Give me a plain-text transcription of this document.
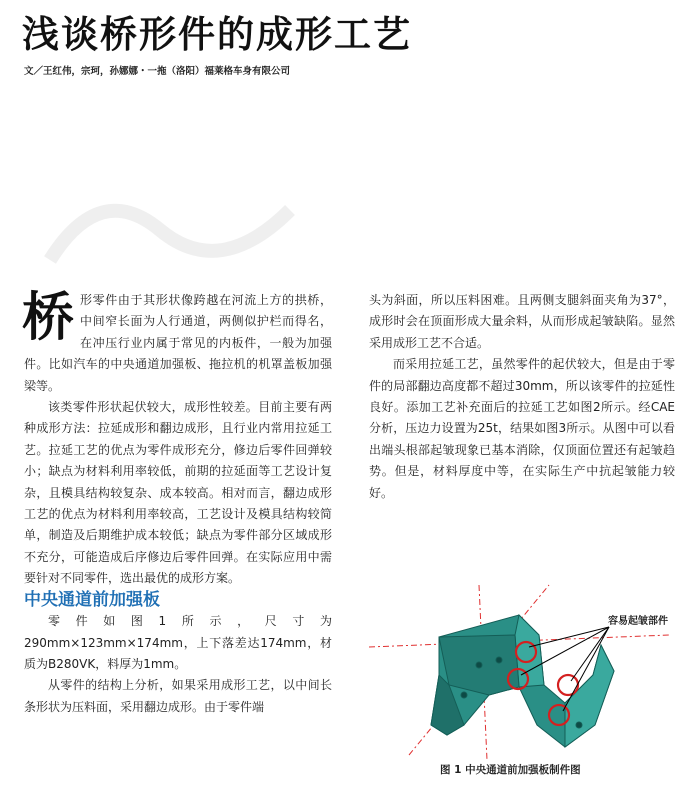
浅谈桥形件的成形工艺
文／王红伟，宗珂，孙娜娜・一拖（洛阳）福莱格车身有限公司

桥形零件由于其形状像跨越在河流上方的拱桥，中间窄长面为人行通道，两侧似护栏而得名，在冲压行业内属于常见的内板件，一般为加强件。比如汽车的中央通道加强板、拖拉机的机罩盖板加强梁等。

该类零件形状起伏较大，成形性较差。目前主要有两种成形方法：拉延成形和翻边成形，且行业内常用拉延工艺。拉延工艺的优点为零件成形充分，修边后零件回弹较小；缺点为材料利用率较低，前期的拉延面等工艺设计复杂，且模具结构较复杂、成本较高。相对而言，翻边成形工艺的优点为材料利用率较高，工艺设计及模具结构较简单，制造及后期维护成本较低；缺点为零件部分区域成形不充分，可能造成后序修边后零件回弹。在实际应用中需要针对不同零件，选出最优的成形方案。

中央通道前加强板

零件如图1所示，尺寸为290mm×123mm×174mm，上下落差达174mm，材质为B280VK，料厚为1mm。

从零件的结构上分析，如果采用成形工艺，以中间长条形状为压料面，采用翻边成形。由于零件端

头为斜面，所以压料困难。且两侧支腿斜面夹角为37°，成形时会在顶面形成大量余料，从而形成起皱缺陷。显然采用成形工艺不合适。

而采用拉延工艺，虽然零件的起伏较大，但是由于零件的局部翻边高度都不超过30mm，所以该零件的拉延性良好。添加工艺补充面后的拉延工艺如图2所示。经CAE分析，压边力设置为25t，结果如图3所示。从图中可以看出端头根部起皱现象已基本消除，仅顶面位置还有起皱趋势。但是，材料厚度中等，在实际生产中抗起皱能力较好。

容易起皱部件
图 1 中央通道前加强板制件图
